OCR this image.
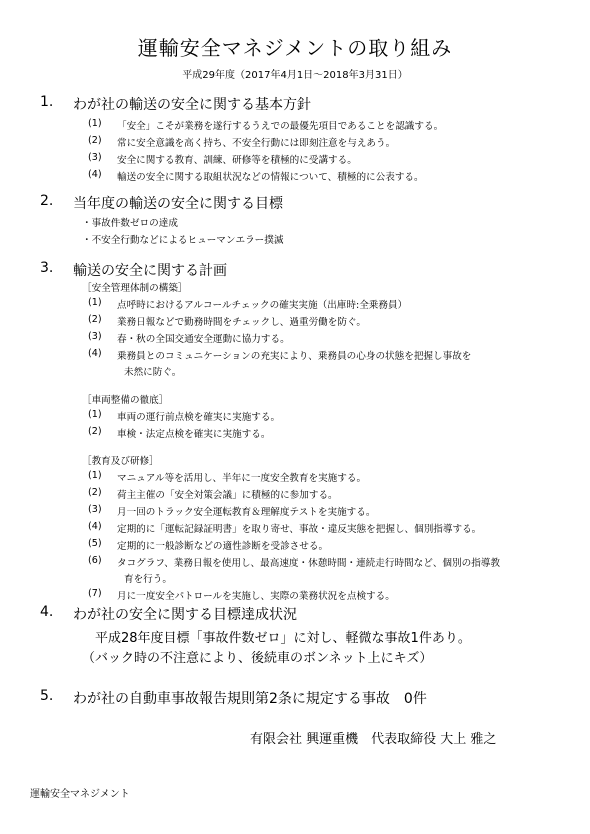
運輸安全マネジメントの取り組み
平成29年度（2017年4月1日～2018年3月31日）
1. わが社の輸送の安全に関する基本方針
(1) 「安全」こそが業務を遂行するうえでの最優先項目であることを認識する。
(2) 常に安全意識を高く持ち、不安全行動には即刻注意を与えあう。
(3) 安全に関する教育、訓練、研修等を積極的に受講する。
(4) 輸送の安全に関する取組状況などの情報について、積極的に公表する。
2. 当年度の輸送の安全に関する目標
・事故件数ゼロの達成
・不安全行動などによるヒューマンエラー撲滅
3. 輸送の安全に関する計画
［安全管理体制の構築］
(1) 点呼時におけるアルコールチェックの確実実施（出庫時:全乗務員）
(2) 業務日報などで勤務時間をチェックし、過重労働を防ぐ。
(3) 春・秋の全国交通安全運動に協力する。
(4) 乗務員とのコミュニケーションの充実により、乗務員の心身の状態を把握し事故を
未然に防ぐ。
［車両整備の徹底］
(1) 車両の運行前点検を確実に実施する。
(2) 車検・法定点検を確実に実施する。
［教育及び研修］
(1) マニュアル等を活用し、半年に一度安全教育を実施する。
(2) 荷主主催の「安全対策会議」に積極的に参加する。
(3) 月一回のトラック安全運転教育＆理解度テストを実施する。
(4) 定期的に「運転記録証明書」を取り寄せ、事故・違反実態を把握し、個別指導する。
(5) 定期的に一般診断などの適性診断を受診させる。
(6) タコグラフ、業務日報を使用し、最高速度・休憩時間・連続走行時間など、個別の指導教
育を行う。
(7) 月に一度安全パトロールを実施し、実際の業務状況を点検する。
4. わが社の安全に関する目標達成状況
平成28年度目標「事故件数ゼロ」に対し、軽微な事故1件あり。
（バック時の不注意により、後続車のボンネット上にキズ）
5. わが社の自動車事故報告規則第2条に規定する事故　0件
有限会社 興運重機　代表取締役 大上 雅之
運輸安全マネジメント
